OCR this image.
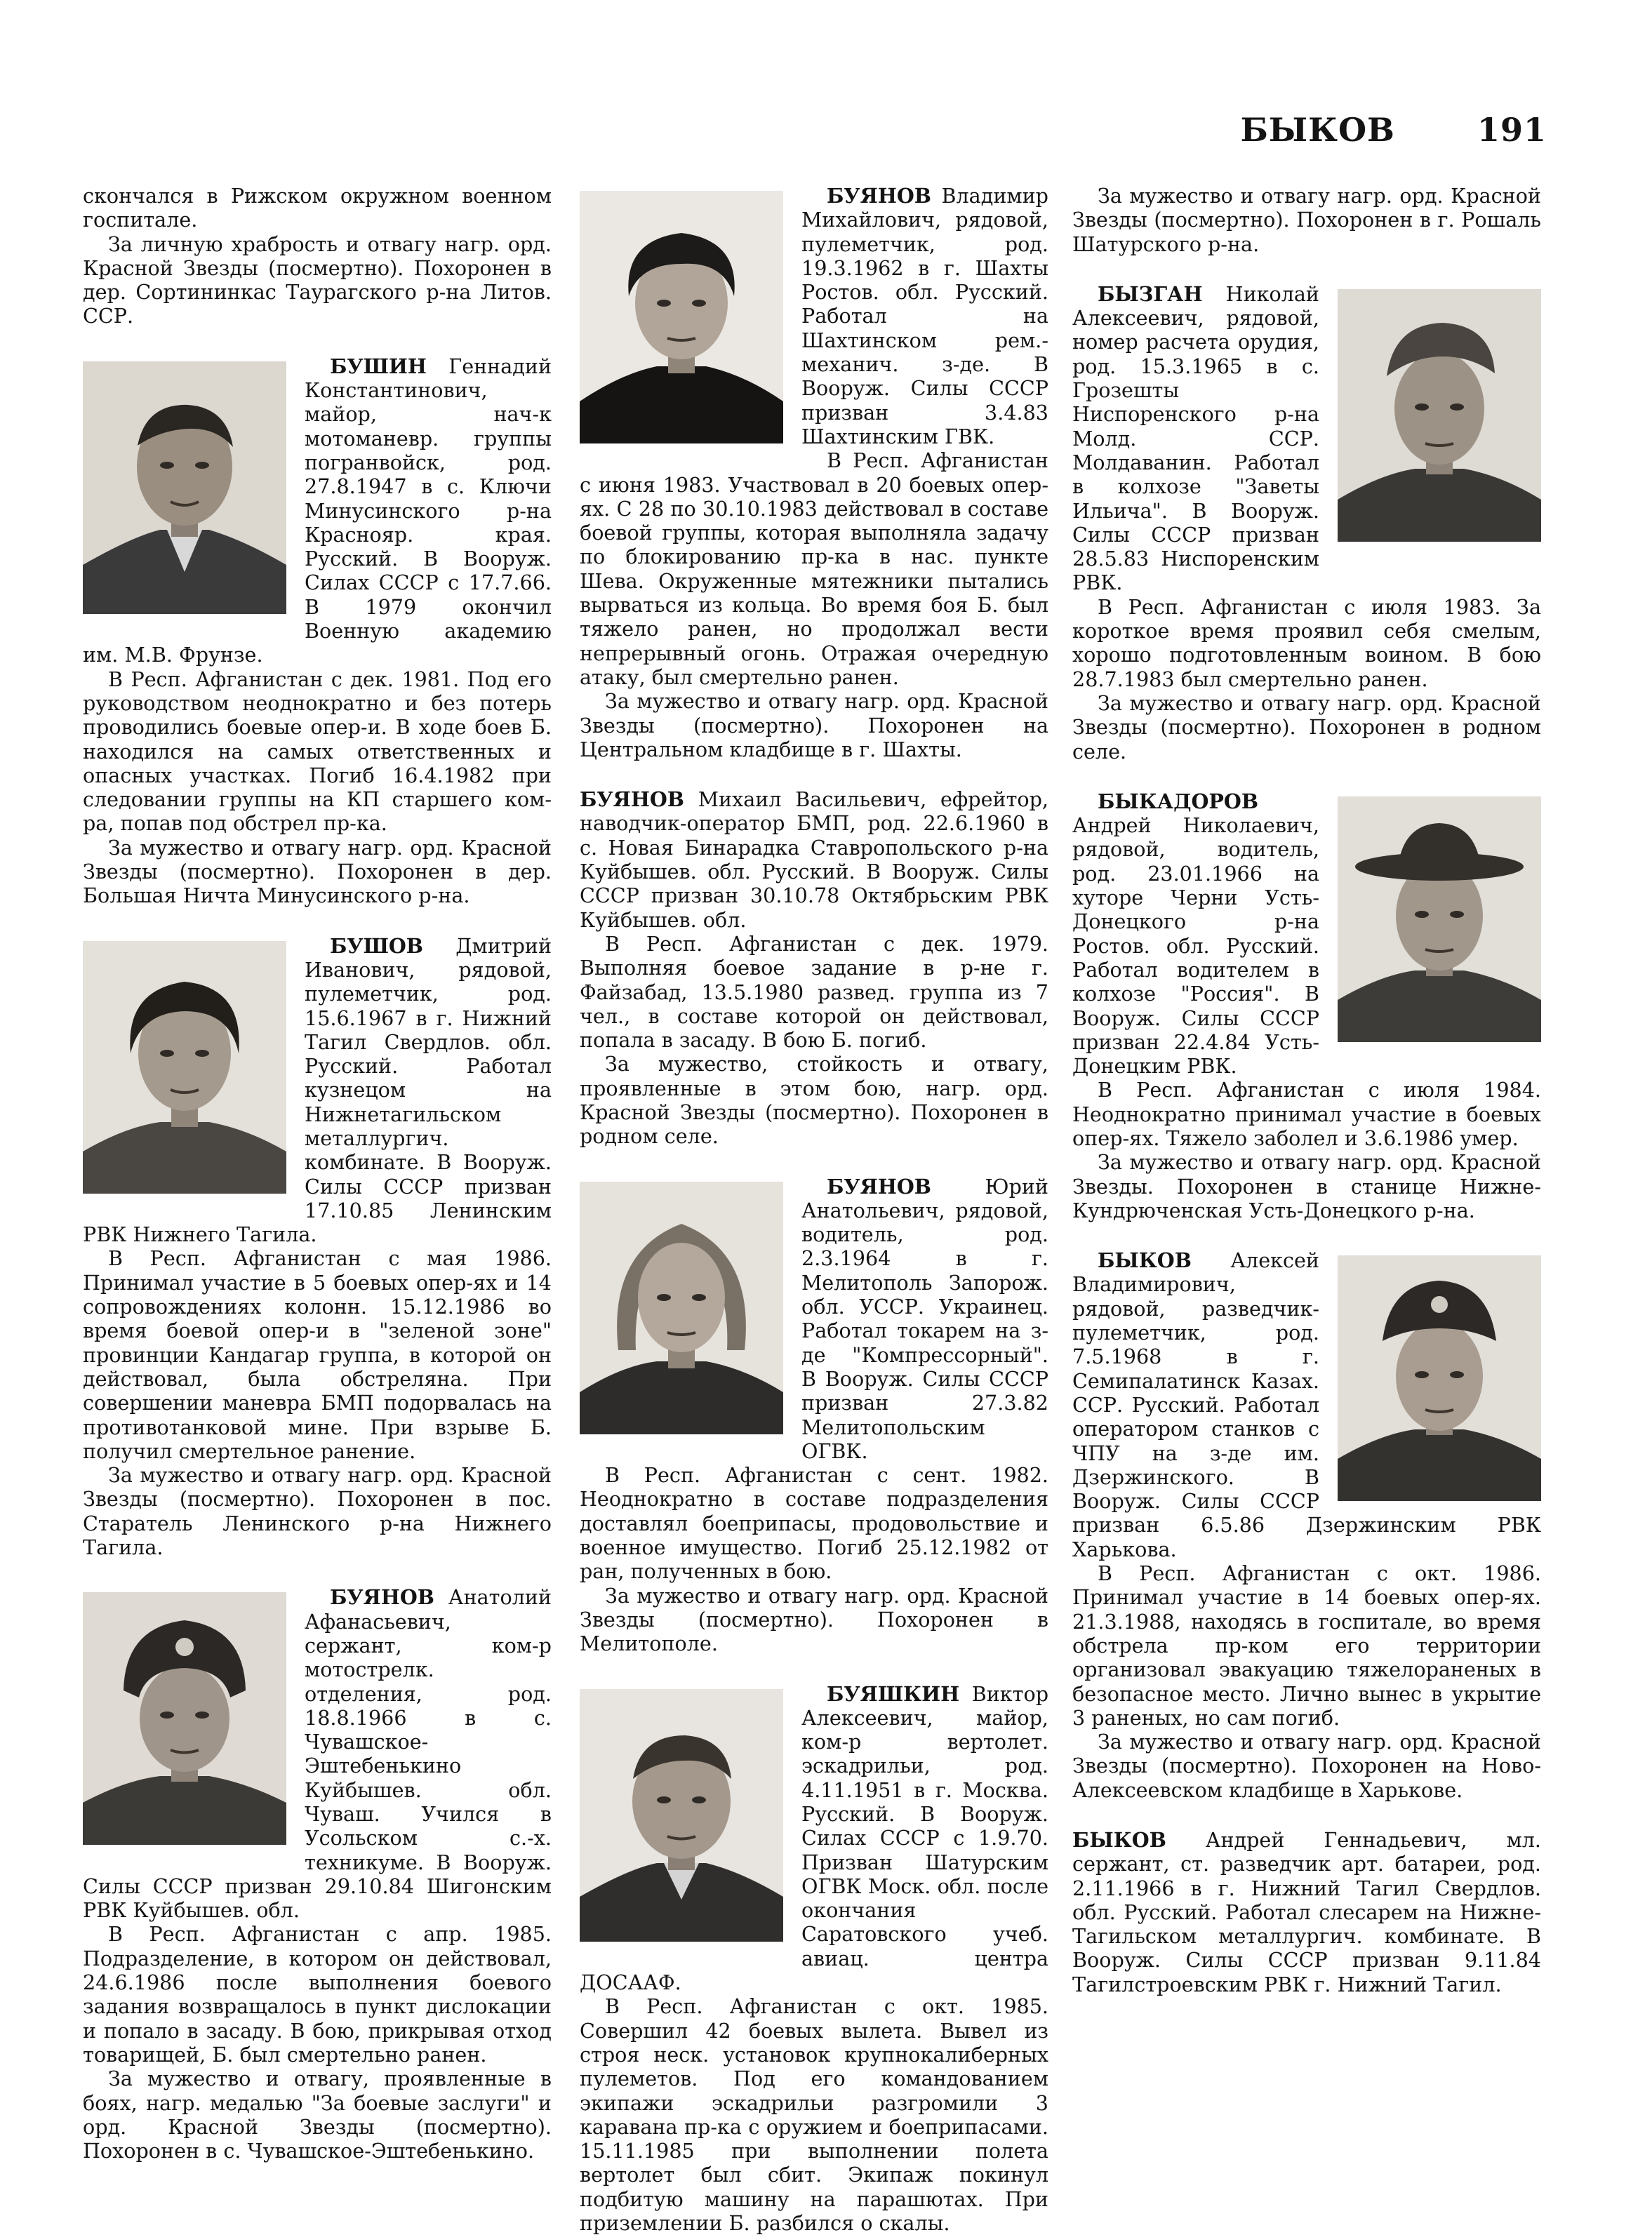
БЫКОВ	191

скончался в Рижском окружном военном госпитале.

За личную храбрость и отвагу нагр. орд. Красной Звезды (посмертно). Похоронен в дер. Сортининкас Таурагского р-на Литов. ССР.

БУШИН Геннадий Константинович, майор, нач-к мотоманевр. группы погранвойск, род. 27.8.1947 в с. Ключи Минусинского р-на Краснояр. края. Русский. В Вооруж. Силах СССР с 17.7.66. В 1979 окончил Военную академию им. М.В. Фрунзе.

В Респ. Афганистан с дек. 1981. Под его руководством неоднократно и без потерь проводились боевые опер-и. В ходе боев Б. находился на самых ответственных и опасных участках. Погиб 16.4.1982 при следовании группы на КП старшего ком-ра, попав под обстрел пр-ка.

За мужество и отвагу нагр. орд. Красной Звезды (посмертно). Похоронен в дер. Большая Ничта Минусинского р-на.

БУШОВ Дмитрий Иванович, рядовой, пулеметчик, род. 15.6.1967 в г. Нижний Тагил Свердлов. обл. Русский. Работал кузнецом на Нижнетагильском металлургич. комбинате. В Вооруж. Силы СССР призван 17.10.85 Ленинским РВК Нижнего Тагила.

В Респ. Афганистан с мая 1986. Принимал участие в 5 боевых опер-ях и 14 сопровождениях колонн. 15.12.1986 во время боевой опер-и в "зеленой зоне" провинции Кандагар группа, в которой он действовал, была обстреляна. При совершении маневра БМП подорвалась на противотанковой мине. При взрыве Б. получил смертельное ранение.

За мужество и отвагу нагр. орд. Красной Звезды (посмертно). Похоронен в пос. Старатель Ленинского р-на Нижнего Тагила.

БУЯНОВ Анатолий Афанасьевич, сержант, ком-р мотострелк. отделения, род. 18.8.1966 в с. Чувашское-Эштебенькино Куйбышев. обл. Чуваш. Учился в Усольском с.-х. техникуме. В Вооруж. Силы СССР призван 29.10.84 Шигонским РВК Куйбышев. обл.

В Респ. Афганистан с апр. 1985. Подразделение, в котором он действовал, 24.6.1986 после выполнения боевого задания возвращалось в пункт дислокации и попало в засаду. В бою, прикрывая отход товарищей, Б. был смертельно ранен.

За мужество и отвагу, проявленные в боях, нагр. медалью "За боевые заслуги" и орд. Красной Звезды (посмертно). Похоронен в с. Чувашское-Эштебенькино.

БУЯНОВ Владимир Михайлович, рядовой, пулеметчик, род. 19.3.1962 в г. Шахты Ростов. обл. Русский. Работал на Шахтинском рем.-механич. з-де. В Вооруж. Силы СССР призван 3.4.83 Шахтинским ГВК.

В Респ. Афганистан с июня 1983. Участвовал в 20 боевых опер-ях. С 28 по 30.10.1983 действовал в составе боевой группы, которая выполняла задачу по блокированию пр-ка в нас. пункте Шева. Окруженные мятежники пытались вырваться из кольца. Во время боя Б. был тяжело ранен, но продолжал вести непрерывный огонь. Отражая очередную атаку, был смертельно ранен.

За мужество и отвагу нагр. орд. Красной Звезды (посмертно). Похоронен на Центральном кладбище в г. Шахты.

БУЯНОВ Михаил Васильевич, ефрейтор, наводчик-оператор БМП, род. 22.6.1960 в с. Новая Бинарадка Ставропольского р-на Куйбышев. обл. Русский. В Вооруж. Силы СССР призван 30.10.78 Октябрьским РВК Куйбышев. обл.

В Респ. Афганистан с дек. 1979. Выполняя боевое задание в р-не г. Файзабад, 13.5.1980 развед. группа из 7 чел., в составе которой он действовал, попала в засаду. В бою Б. погиб.

За мужество, стойкость и отвагу, проявленные в этом бою, нагр. орд. Красной Звезды (посмертно). Похоронен в родном селе.

БУЯНОВ Юрий Анатольевич, рядовой, водитель, род. 2.3.1964 в г. Мелитополь Запорож. обл. УССР. Украинец. Работал токарем на з-де "Компрессорный". В Вооруж. Силы СССР призван 27.3.82 Мелитопольским ОГВК.

В Респ. Афганистан с сент. 1982. Неоднократно в составе подразделения доставлял боеприпасы, продовольствие и военное имущество. Погиб 25.12.1982 от ран, полученных в бою.

За мужество и отвагу нагр. орд. Красной Звезды (посмертно). Похоронен в Мелитополе.

БУЯШКИН Виктор Алексеевич, майор, ком-р вертолет. эскадрильи, род. 4.11.1951 в г. Москва. Русский. В Вооруж. Силах СССР с 1.9.70. Призван Шатурским ОГВК Моск. обл. после окончания Саратовского учеб. авиац. центра ДОСААФ.

В Респ. Афганистан с окт. 1985. Совершил 42 боевых вылета. Вывел из строя неск. установок крупнокалиберных пулеметов. Под его командованием экипажи эскадрильи разгромили 3 каравана пр-ка с оружием и боеприпасами. 15.11.1985 при выполнении полета вертолет был сбит. Экипаж покинул подбитую машину на парашютах. При приземлении Б. разбился о скалы.

За мужество и отвагу нагр. орд. Красной Звезды (посмертно). Похоронен в г. Рошаль Шатурского р-на.

БЫЗГАН Николай Алексеевич, рядовой, номер расчета орудия, род. 15.3.1965 в с. Грозешты Ниспоренского р-на Молд. ССР. Молдаванин. Работал в колхозе "Заветы Ильича". В Вооруж. Силы СССР призван 28.5.83 Ниспоренским РВК.

В Респ. Афганистан с июля 1983. За короткое время проявил себя смелым, хорошо подготовленным воином. В бою 28.7.1983 был смертельно ранен.

За мужество и отвагу нагр. орд. Красной Звезды (посмертно). Похоронен в родном селе.

БЫКАДОРОВ Андрей Николаевич, рядовой, водитель, род. 23.01.1966 на хуторе Черни Усть-Донецкого р-на Ростов. обл. Русский. Работал водителем в колхозе "Россия". В Вооруж. Силы СССР призван 22.4.84 Усть-Донецким РВК.

В Респ. Афганистан с июля 1984. Неоднократно принимал участие в боевых опер-ях. Тяжело заболел и 3.6.1986 умер.

За мужество и отвагу нагр. орд. Красной Звезды. Похоронен в станице Нижне-Кундрюченская Усть-Донецкого р-на.

БЫКОВ Алексей Владимирович, рядовой, разведчик-пулеметчик, род. 7.5.1968 в г. Семипалатинск Казах. ССР. Русский. Работал оператором станков с ЧПУ на з-де им. Дзержинского. В Вооруж. Силы СССР призван 6.5.86 Дзержинским РВК Харькова.

В Респ. Афганистан с окт. 1986. Принимал участие в 14 боевых опер-ях. 21.3.1988, находясь в госпитале, во время обстрела пр-ком его территории организовал эвакуацию тяжелораненых в безопасное место. Лично вынес в укрытие 3 раненых, но сам погиб.

За мужество и отвагу нагр. орд. Красной Звезды (посмертно). Похоронен на Ново-Алексеевском кладбище в Харькове.

БЫКОВ Андрей Геннадьевич, мл. сержант, ст. разведчик арт. батареи, род. 2.11.1966 в г. Нижний Тагил Свердлов. обл. Русский. Работал слесарем на Нижне-Тагильском металлургич. комбинате. В Вооруж. Силы СССР призван 9.11.84 Тагилстроевским РВК г. Нижний Тагил.
